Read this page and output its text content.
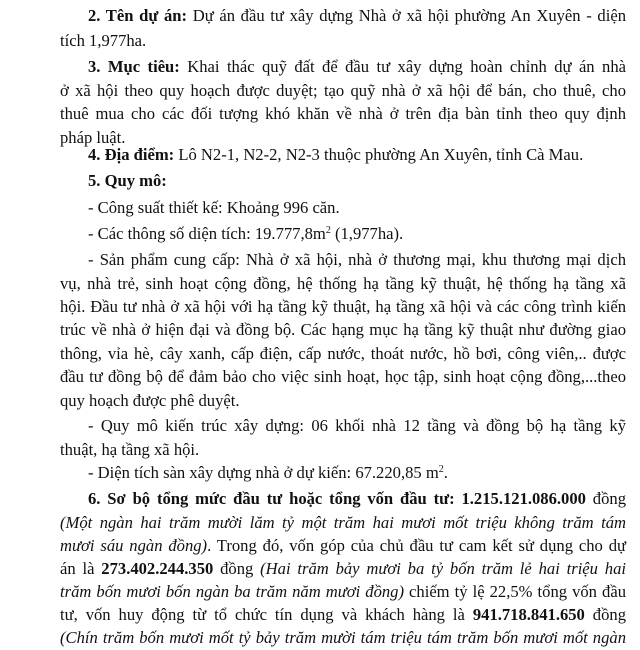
2. Tên dự án: Dự án đầu tư xây dựng Nhà ở xã hội phường An Xuyên - diện
tích 1,977ha.
3. Mục tiêu: Khai thác quỹ đất để đầu tư xây dựng hoàn chỉnh dự án nhà
ở xã hội theo quy hoạch được duyệt; tạo quỹ nhà ở xã hội để bán, cho thuê, cho
thuê mua cho các đối tượng khó khăn về nhà ở trên địa bàn tỉnh theo quy định
pháp luật.
4. Địa điểm: Lô N2-1, N2-2, N2-3 thuộc phường An Xuyên, tỉnh Cà Mau.
5. Quy mô:
- Công suất thiết kế: Khoảng 996 căn.
- Các thông số diện tích: $19.777,8m^2$ (1,977ha).
- Sản phẩm cung cấp: Nhà ở xã hội, nhà ở thương mại, khu thương mại dịch
vụ, nhà trẻ, sinh hoạt cộng đồng, hệ thống hạ tầng kỹ thuật, hệ thống hạ tầng xã
hội. Đầu tư nhà ở xã hội với hạ tầng kỹ thuật, hạ tầng xã hội và các công trình kiến
trúc về nhà ở hiện đại và đồng bộ. Các hạng mục hạ tầng kỹ thuật như đường giao
thông, vỉa hè, cây xanh, cấp điện, cấp nước, thoát nước, hồ bơi, công viên,.. được
đầu tư đồng bộ để đảm bảo cho việc sinh hoạt, học tập, sinh hoạt cộng đồng,...theo
quy hoạch được phê duyệt.
- Quy mô kiến trúc xây dựng: 06 khối nhà 12 tầng và đồng bộ hạ tầng kỹ
thuật, hạ tầng xã hội.
- Diện tích sàn xây dựng nhà ở dự kiến: 67.220,85 $m^2$.
6. Sơ bộ tổng mức đầu tư hoặc tổng vốn đầu tư: 1.215.121.086.000 đồng
(Một ngàn hai trăm mười lăm tỷ một trăm hai mươi mốt triệu không trăm tám
mươi sáu ngàn đồng). Trong đó, vốn góp của chủ đầu tư cam kết sử dụng cho dự
án là 273.402.244.350 đồng (Hai trăm bảy mươi ba tỷ bốn trăm lẻ hai triệu hai
trăm bốn mươi bốn ngàn ba trăm năm mươi đồng) chiếm tỷ lệ 22,5% tổng vốn đầu
tư, vốn huy động từ tổ chức tín dụng và khách hàng là 941.718.841.650 đồng
(Chín trăm bốn mươi mốt tỷ bảy trăm mười tám triệu tám trăm bốn mươi mốt ngàn
